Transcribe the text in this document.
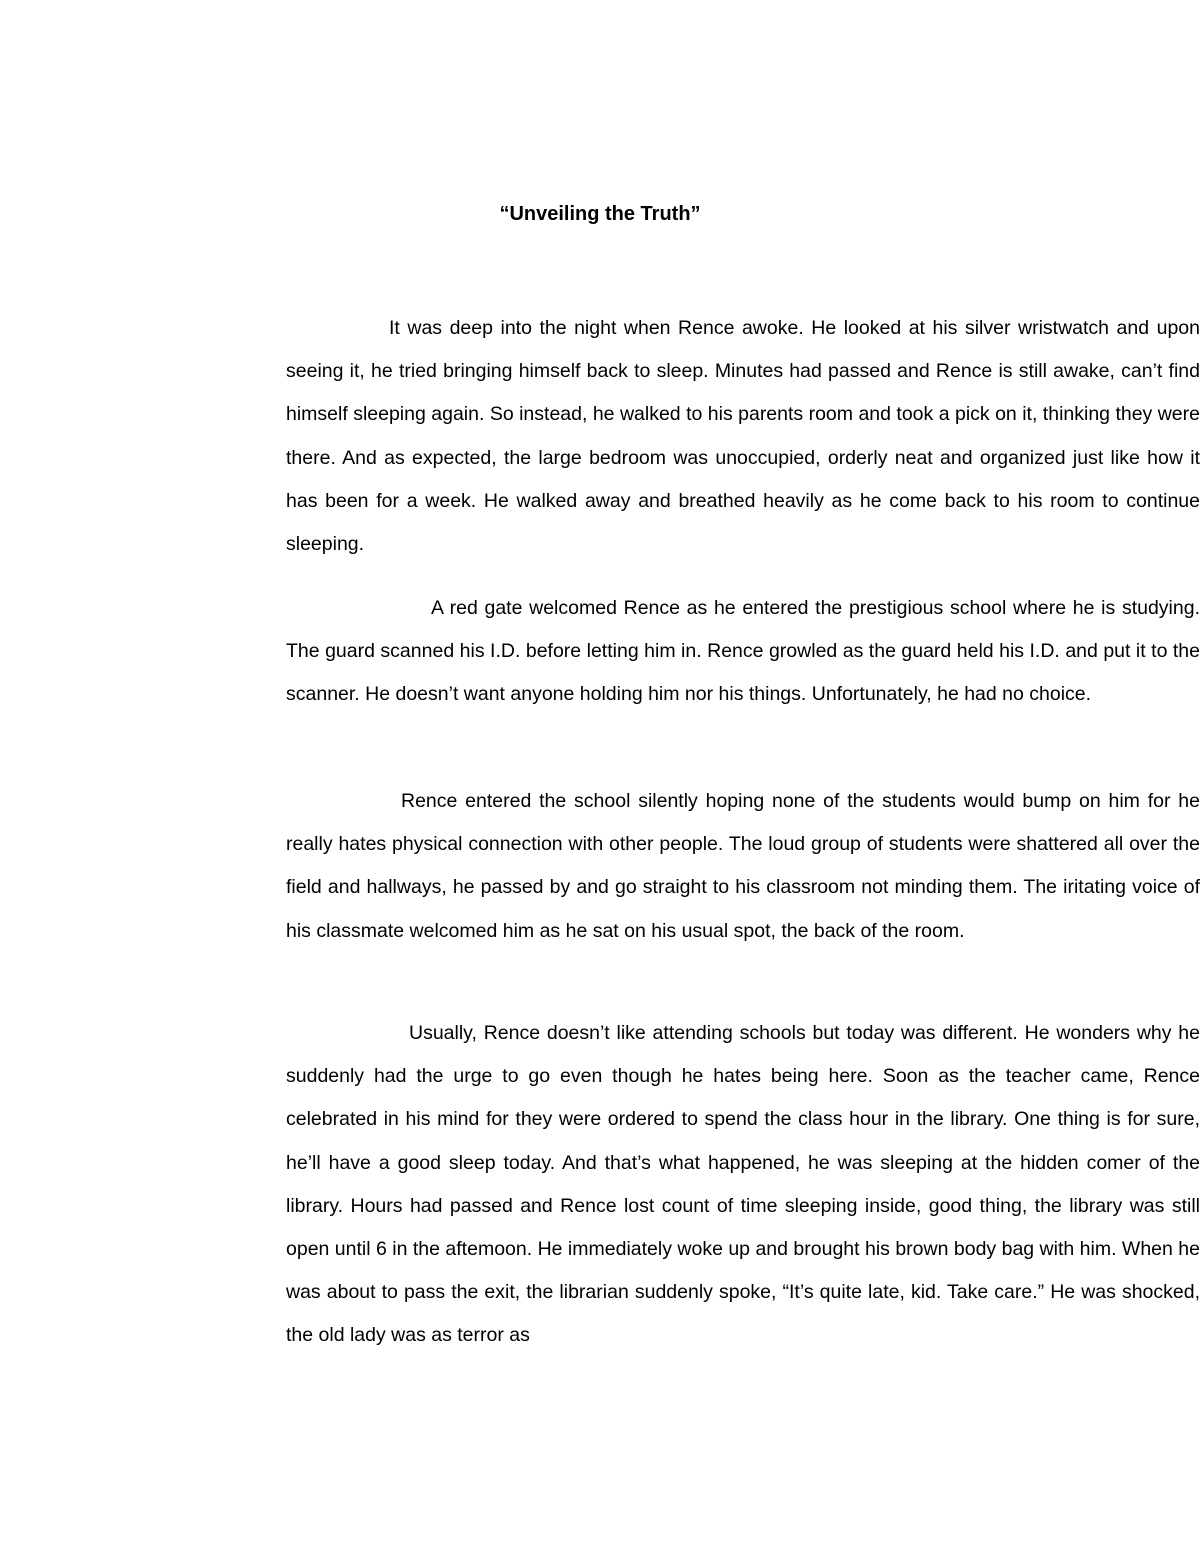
“Unveiling the Truth”

It was deep into the night when Rence awoke. He looked at his silver wristwatch and upon seeing it, he tried bringing himself back to sleep. Minutes had passed and Rence is still awake, can’t find himself sleeping again. So instead, he walked to his parents room and took a pick on it, thinking they were there. And as expected, the large bedroom was unoccupied, orderly neat and organized just like how it has been for a week. He walked away and breathed heavily as he come back to his room to continue sleeping.

A red gate welcomed Rence as he entered the prestigious school where he is studying. The guard scanned his I.D. before letting him in. Rence growled as the guard held his I.D. and put it to the scanner. He doesn’t want anyone holding him nor his things. Unfortunately, he had no choice.

Rence entered the school silently hoping none of the students would bump on him for he really hates physical connection with other people. The loud group of students were shattered all over the field and hallways, he passed by and go straight to his classroom not minding them. The iritating voice of his classmate welcomed him as he sat on his usual spot, the back of the room.

Usually, Rence doesn’t like attending schools but today was different. He wonders why he suddenly had the urge to go even though he hates being here. Soon as the teacher came, Rence celebrated in his mind for they were ordered to spend the class hour in the library. One thing is for sure, he’ll have a good sleep today. And that’s what happened, he was sleeping at the hidden comer of the library. Hours had passed and Rence lost count of time sleeping inside, good thing, the library was still open until 6 in the aftemoon. He immediately woke up and brought his brown body bag with him. When he was about to pass the exit, the librarian suddenly spoke, “It’s quite late, kid. Take care.” He was shocked, the old lady was as terror as
